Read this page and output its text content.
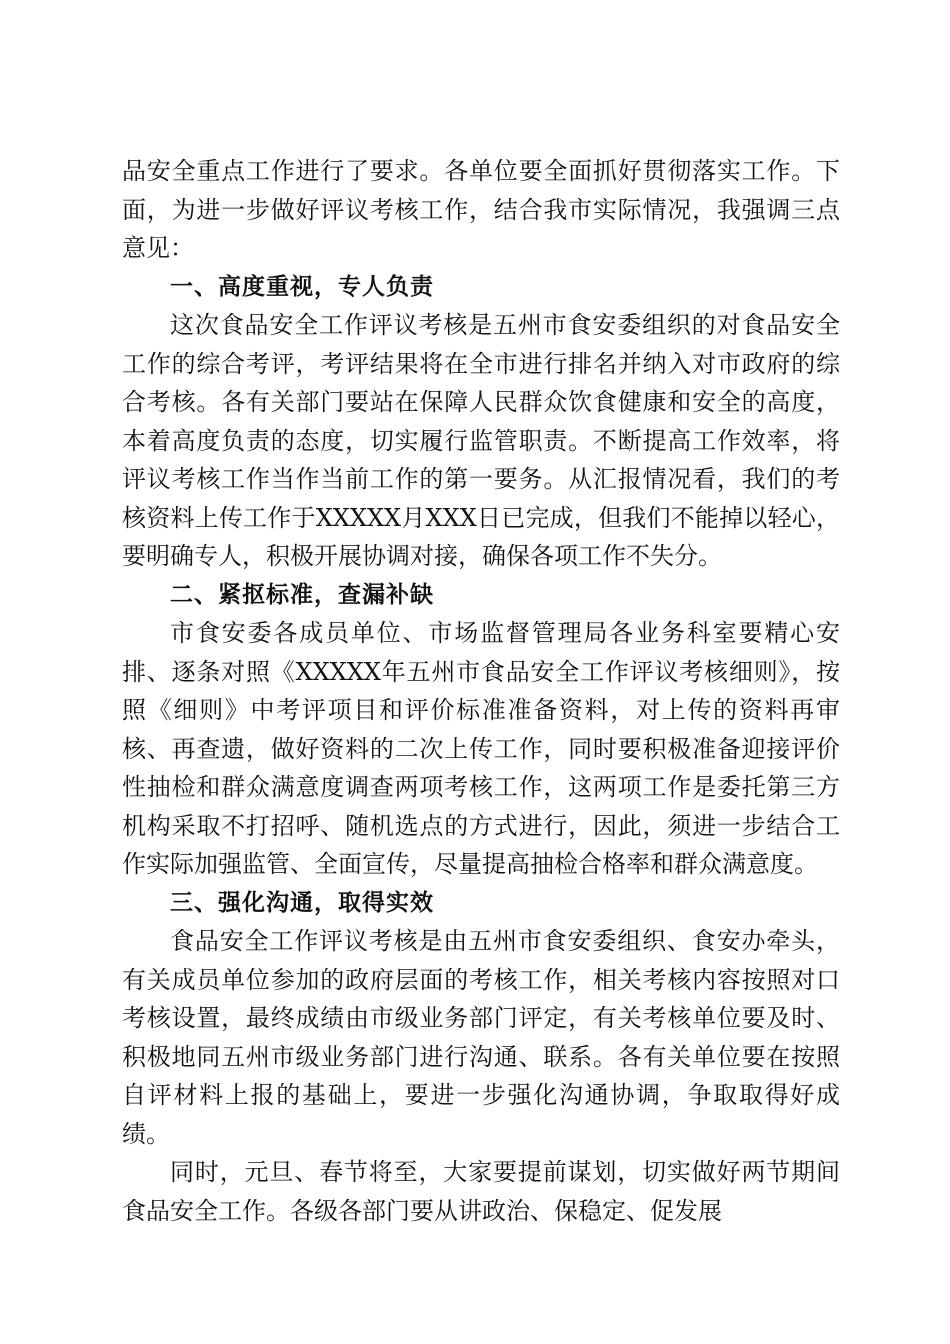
品安全重点工作进行了要求。各单位要全面抓好贯彻落实工作。下面，为进一步做好评议考核工作，结合我市实际情况，我强调三点意见：

一、高度重视，专人负责

这次食品安全工作评议考核是五州市食安委组织的对食品安全工作的综合考评，考评结果将在全市进行排名并纳入对市政府的综合考核。各有关部门要站在保障人民群众饮食健康和安全的高度，本着高度负责的态度，切实履行监管职责。不断提高工作效率，将评议考核工作当作当前工作的第一要务。从汇报情况看，我们的考核资料上传工作于XXXXX月XXX日已完成，但我们不能掉以轻心，要明确专人，积极开展协调对接，确保各项工作不失分。

二、紧抠标准，查漏补缺

市食安委各成员单位、市场监督管理局各业务科室要精心安排、逐条对照《XXXXX年五州市食品安全工作评议考核细则》，按照《细则》中考评项目和评价标准准备资料，对上传的资料再审核、再查遗，做好资料的二次上传工作，同时要积极准备迎接评价性抽检和群众满意度调查两项考核工作，这两项工作是委托第三方机构采取不打招呼、随机选点的方式进行，因此，须进一步结合工作实际加强监管、全面宣传，尽量提高抽检合格率和群众满意度。

三、强化沟通，取得实效

食品安全工作评议考核是由五州市食安委组织、食安办牵头，有关成员单位参加的政府层面的考核工作，相关考核内容按照对口考核设置，最终成绩由市级业务部门评定，有关考核单位要及时、积极地同五州市级业务部门进行沟通、联系。各有关单位要在按照自评材料上报的基础上，要进一步强化沟通协调，争取取得好成绩。

同时，元旦、春节将至，大家要提前谋划，切实做好两节期间食品安全工作。各级各部门要从讲政治、保稳定、促发展
